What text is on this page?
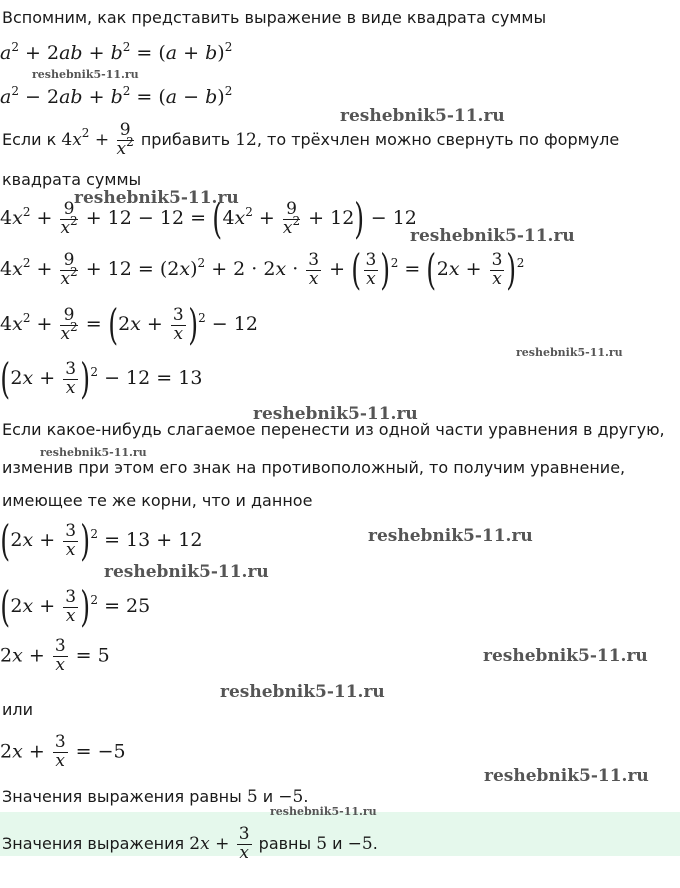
Вспомним, как представить выражение в виде квадрата суммы
$a^2 + 2ab + b^2 = (a + b)^2$
$a^2 - 2ab + b^2 = (a - b)^2$
Если к $4x^2 + \frac{9}{x^2}$ прибавить 12, то трёхчлен можно свернуть по формуле
квадрата суммы
$4x^2 + \frac{9}{x^2} + 12 - 12 = (4x^2 + \frac{9}{x^2} + 12) - 12$
$4x^2 + \frac{9}{x^2} + 12 = (2x)^2 + 2 \cdot 2x \cdot \frac{3}{x}$ + ( $\frac{3}{x} )^2 = (2x + \frac{3}{x} )^2$
$4x^2 + \frac{9}{x^2} = (2x + \frac{3}{x} )^2 - 12$
$(2x + \frac{3}{x} )^2 - 12 = 13$
Если какое-нибудь слагаемое перенести из одной части уравнения в другую,
изменив при этом его знак на противоположный, то получим уравнение,
имеющее те же корни, что и данное
$(2x + \frac{3}{x} )^2 = 13 + 12$
$(2x + \frac{3}{x} )^2 = 25$
$2x + \frac{3}{x} = 5$
или
$2x + \frac{3}{x} = -5$
Значения выражения равны 5 и −5.
Значения выражения $2x + \frac{3}{x}$ равны 5 и −5.
reshebnik5-11.ru
reshebnik5-11.ru
reshebnik5-11.ru
reshebnik5-11.ru
reshebnik5-11.ru
reshebnik5-11.ru
reshebnik5-11.ru
reshebnik5-11.ru
reshebnik5-11.ru
reshebnik5-11.ru
reshebnik5-11.ru
reshebnik5-11.ru
reshebnik5-11.ru
